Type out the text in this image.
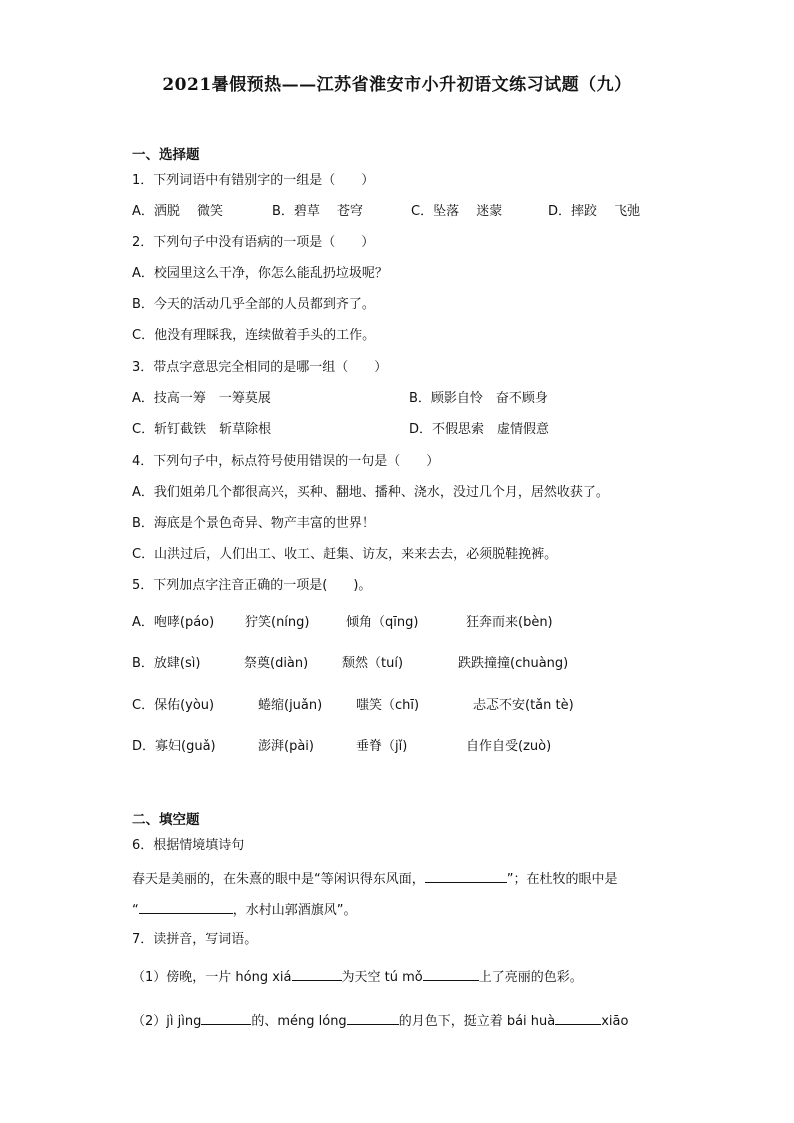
2021暑假预热——江苏省淮安市小升初语文练习试题（九）
一、选择题
1．下列词语中有错别字的一组是（　　）
A．洒脱　 微笑	B．碧草　 苍穹	C．坠落　 迷蒙	D．摔跤　 飞弛
2．下列句子中没有语病的一项是（　　）
A．校园里这么干净，你怎么能乱扔垃圾呢？
B．今天的活动几乎全部的人员都到齐了。
C．他没有理睬我，连续做着手头的工作。
3．带点字意思完全相同的是哪一组（　　）
A．技高一筹　一筹莫展	B．顾影自怜　奋不顾身
C．斩钉截铁　斩草除根	D．不假思索　虚情假意
4．下列句子中，标点符号使用错误的一句是（　　）
A．我们姐弟几个都很高兴，买种、翻地、播种、浇水，没过几个月，居然收获了。
B．海底是个景色奇异、物产丰富的世界！
C．山洪过后，人们出工、收工、赶集、访友，来来去去，必须脱鞋挽裤。
5．下列加点字注音正确的一项是(　　)。
A．咆哮(páo) 狞笑(níng)	倾角（qīng)	狂奔而来(bèn)
B．放肆(sì)	祭奠(diàn)	颓然（tuí)	跌跌撞撞(chuàng)
C．保佑(yòu)	蜷缩(juǎn)	嗤笑（chī)	忐忑不安(tǎn tè)
D．寡妇(guǎ)	澎湃(pài)	垂脊（jǐ)	自作自受(zuò)
二、填空题
6．根据情境填诗句
春天是美丽的，在朱熹的眼中是“等闲识得东风面，	”；在杜牧的眼中是
“	，水村山郭酒旗风”。
7．读拼音，写词语。
（1）傍晚，一片 hóng xiá	为天空 tú mǒ	上了亮丽的色彩。
（2）jì jìng	的、méng lóng	的月色下，挺立着 bái huà	xiāo
